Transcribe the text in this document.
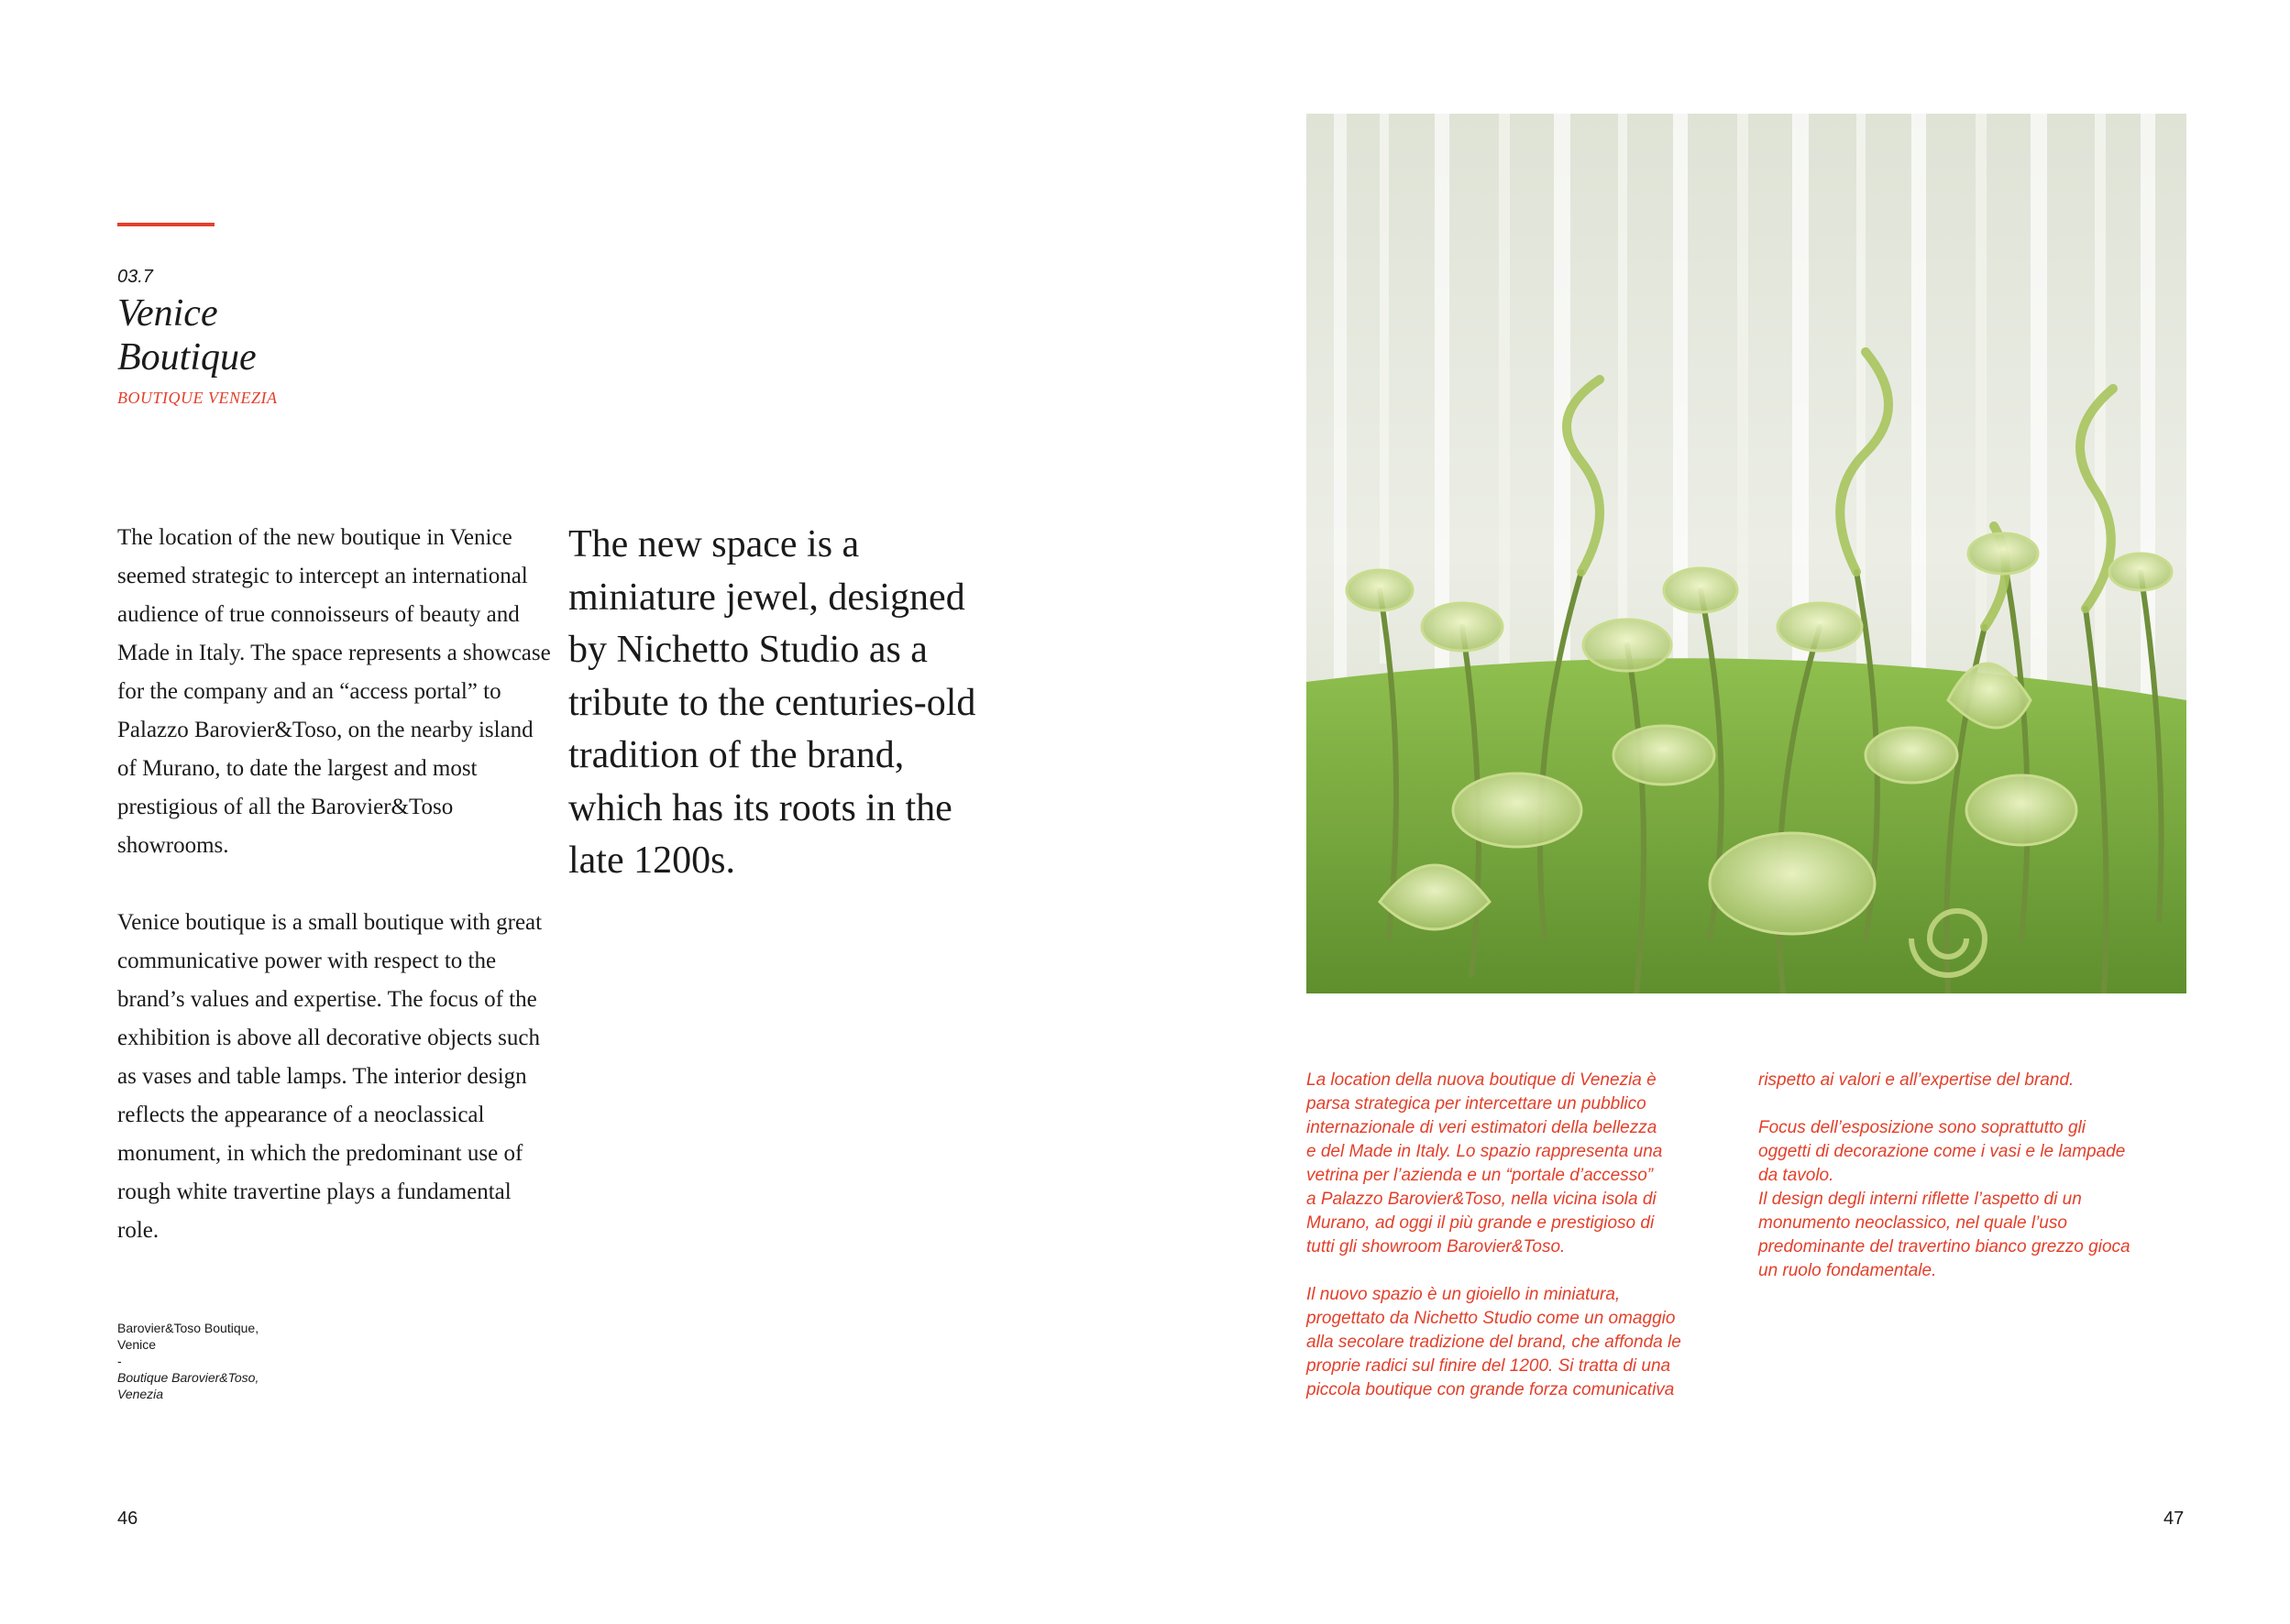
03.7
Venice
Boutique
BOUTIQUE VENEZIA

The location of the new boutique in Venice seemed strategic to intercept an international audience of true connoisseurs of beauty and Made in Italy. The space represents a showcase for the company and an “access portal” to Palazzo Barovier&Toso, on the nearby island of Murano, to date the largest and most prestigious of all the Barovier&Toso showrooms.

Venice boutique is a small boutique with great communicative power with respect to the brand’s values and expertise. The focus of the exhibition is above all decorative objects such as vases and table lamps. The interior design reflects the appearance of a neoclassical monument, in which the predominant use of rough white travertine plays a fundamental role.

The new space is a miniature jewel, designed by Nichetto Studio as a tribute to the centuries-old tradition of the brand, which has its roots in the late 1200s.
Barovier&Toso Boutique,
Venice
-
Boutique Barovier&Toso,
Venezia
46

La location della nuova boutique di Venezia è
parsa strategica per intercettare un pubblico
internazionale di veri estimatori della bellezza
e del Made in Italy. Lo spazio rappresenta una
vetrina per l’azienda e un “portale d’accesso”
a Palazzo Barovier&Toso, nella vicina isola di
Murano, ad oggi il più grande e prestigioso di
tutti gli showroom Barovier&Toso.

Il nuovo spazio è un gioiello in miniatura,
progettato da Nichetto Studio come un omaggio
alla secolare tradizione del brand, che affonda le
proprie radici sul finire del 1200. Si tratta di una
piccola boutique con grande forza comunicativa

rispetto ai valori e all’expertise del brand.

Focus dell’esposizione sono soprattutto gli
oggetti di decorazione come i vasi e le lampade
da tavolo.
Il design degli interni riflette l’aspetto di un
monumento neoclassico, nel quale l’uso
predominante del travertino bianco grezzo gioca
un ruolo fondamentale.

47
